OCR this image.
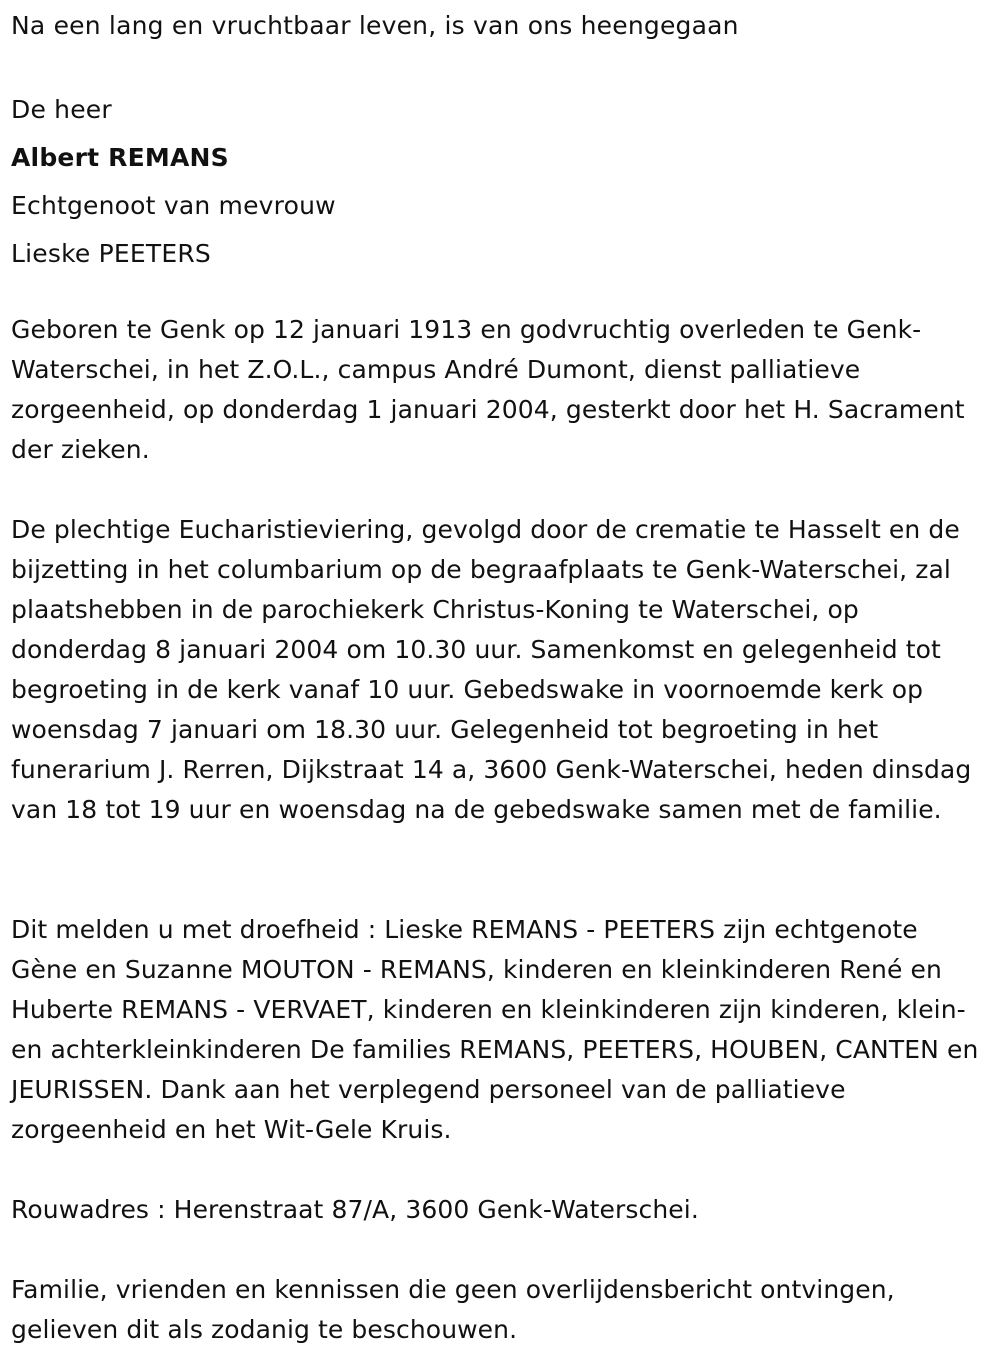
Na een lang en vruchtbaar leven, is van ons heengegaan

De heer

Albert REMANS

Echtgenoot van mevrouw

Lieske PEETERS

Geboren te Genk op 12 januari 1913 en godvruchtig overleden te Genk-Waterschei, in het Z.O.L., campus André Dumont, dienst palliatieve zorgeenheid, op donderdag 1 januari 2004, gesterkt door het H. Sacrament der zieken.

De plechtige Eucharistieviering, gevolgd door de crematie te Hasselt en de bijzetting in het columbarium op de begraafplaats te Genk-Waterschei, zal plaatshebben in de parochiekerk Christus-Koning te Waterschei, op donderdag 8 januari 2004 om 10.30 uur. Samenkomst en gelegenheid tot begroeting in de kerk vanaf 10 uur. Gebedswake in voornoemde kerk op woensdag 7 januari om 18.30 uur. Gelegenheid tot begroeting in het funerarium J. Rerren, Dijkstraat 14 a, 3600 Genk-Waterschei, heden dinsdag van 18 tot 19 uur en woensdag na de gebedswake samen met de familie.

Dit melden u met droefheid : Lieske REMANS - PEETERS zijn echtgenote Gène en Suzanne MOUTON - REMANS, kinderen en kleinkinderen René en Huberte REMANS - VERVAET, kinderen en kleinkinderen zijn kinderen, klein- en achterkleinkinderen De families REMANS, PEETERS, HOUBEN, CANTEN en JEURISSEN. Dank aan het verplegend personeel van de palliatieve zorgeenheid en het Wit-Gele Kruis.

Rouwadres : Herenstraat 87/A, 3600 Genk-Waterschei.

Familie, vrienden en kennissen die geen overlijdensbericht ontvingen, gelieven dit als zodanig te beschouwen.
